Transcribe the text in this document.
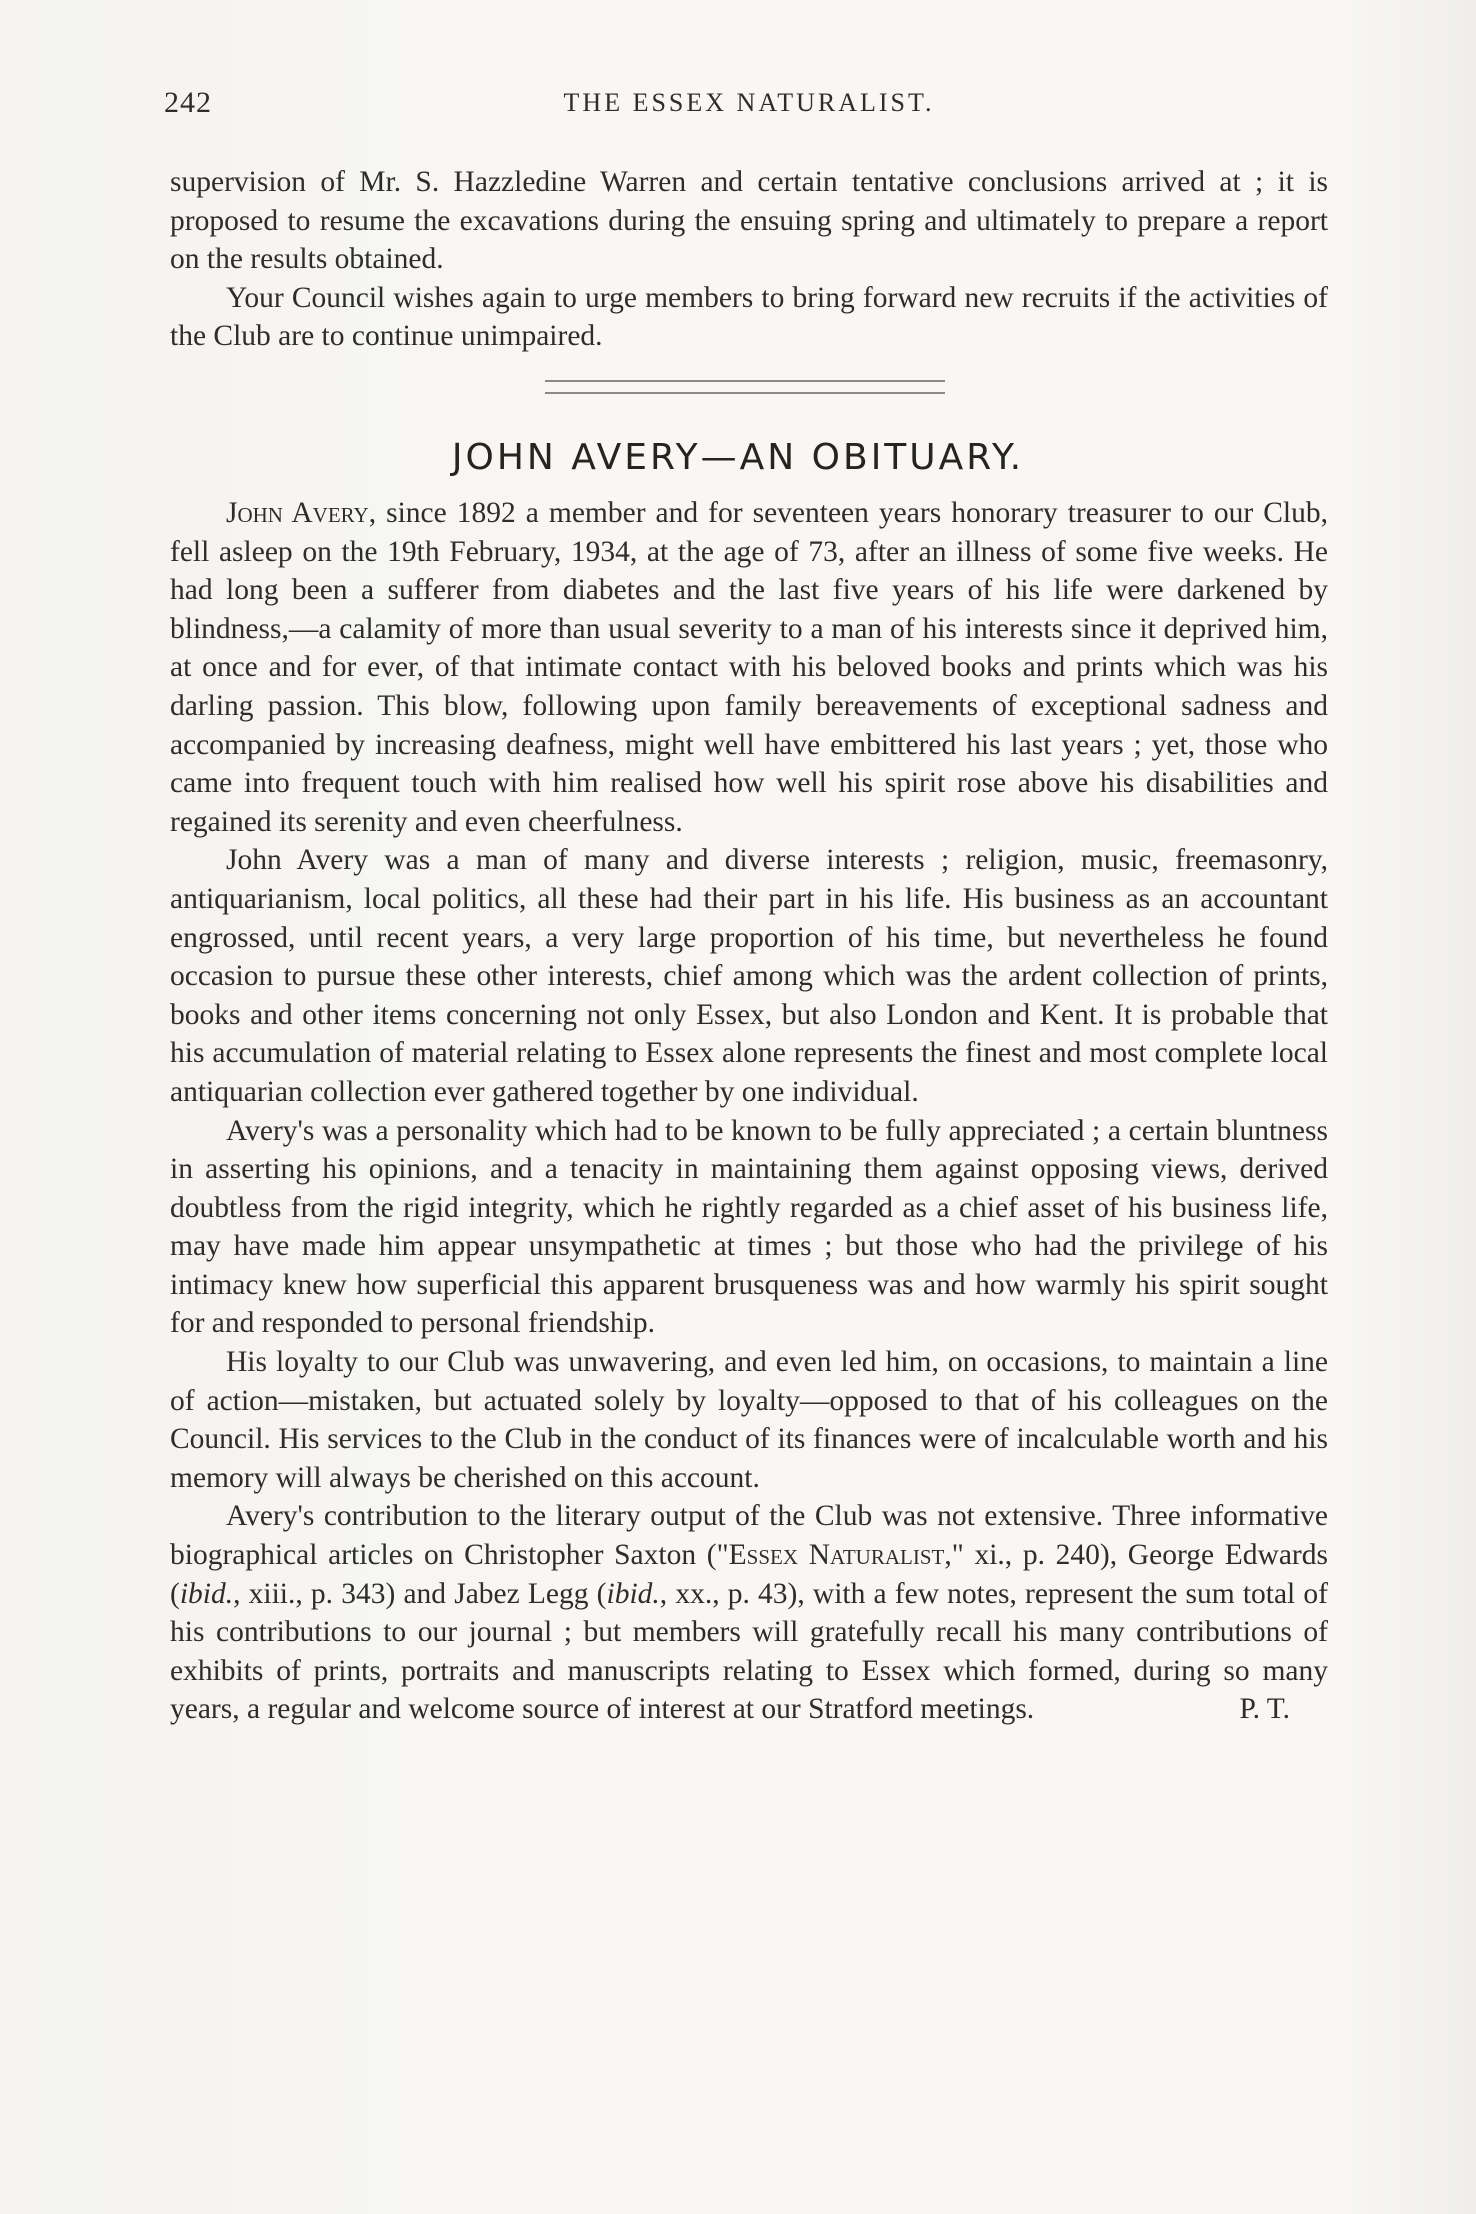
242	THE ESSEX NATURALIST.

supervision of Mr. S. Hazzledine Warren and certain tentative conclusions arrived at ; it is proposed to resume the excavations during the ensuing spring and ultimately to prepare a report on the results obtained.

Your Council wishes again to urge members to bring forward new recruits if the activities of the Club are to continue unimpaired.

JOHN AVERY—AN OBITUARY.

John Avery, since 1892 a member and for seventeen years honorary treasurer to our Club, fell asleep on the 19th February, 1934, at the age of 73, after an illness of some five weeks. He had long been a sufferer from diabetes and the last five years of his life were darkened by blindness,—a calamity of more than usual severity to a man of his interests since it deprived him, at once and for ever, of that intimate contact with his beloved books and prints which was his darling passion. This blow, following upon family bereavements of exceptional sadness and accompanied by increasing deafness, might well have embittered his last years ; yet, those who came into frequent touch with him realised how well his spirit rose above his disabilities and regained its serenity and even cheerfulness.

John Avery was a man of many and diverse interests ; religion, music, freemasonry, antiquarianism, local politics, all these had their part in his life. His business as an accountant engrossed, until recent years, a very large proportion of his time, but nevertheless he found occasion to pursue these other interests, chief among which was the ardent collection of prints, books and other items concerning not only Essex, but also London and Kent. It is probable that his accumulation of material relating to Essex alone represents the finest and most complete local antiquarian collection ever gathered together by one individual.

Avery's was a personality which had to be known to be fully appreciated ; a certain bluntness in asserting his opinions, and a tenacity in maintaining them against opposing views, derived doubtless from the rigid integrity, which he rightly regarded as a chief asset of his business life, may have made him appear unsympathetic at times ; but those who had the privilege of his intimacy knew how superficial this apparent brusqueness was and how warmly his spirit sought for and responded to personal friendship.

His loyalty to our Club was unwavering, and even led him, on occasions, to maintain a line of action—mistaken, but actuated solely by loyalty—opposed to that of his colleagues on the Council. His services to the Club in the conduct of its finances were of incalculable worth and his memory will always be cherished on this account.

Avery's contribution to the literary output of the Club was not extensive. Three informative biographical articles on Christopher Saxton ("Essex Naturalist," xi., p. 240), George Edwards (ibid., xiii., p. 343) and Jabez Legg (ibid., xx., p. 43), with a few notes, represent the sum total of his contributions to our journal ; but members will gratefully recall his many contributions of exhibits of prints, portraits and manuscripts relating to Essex which formed, during so many years, a regular and welcome source of interest at our Stratford meetings.	P. T.
